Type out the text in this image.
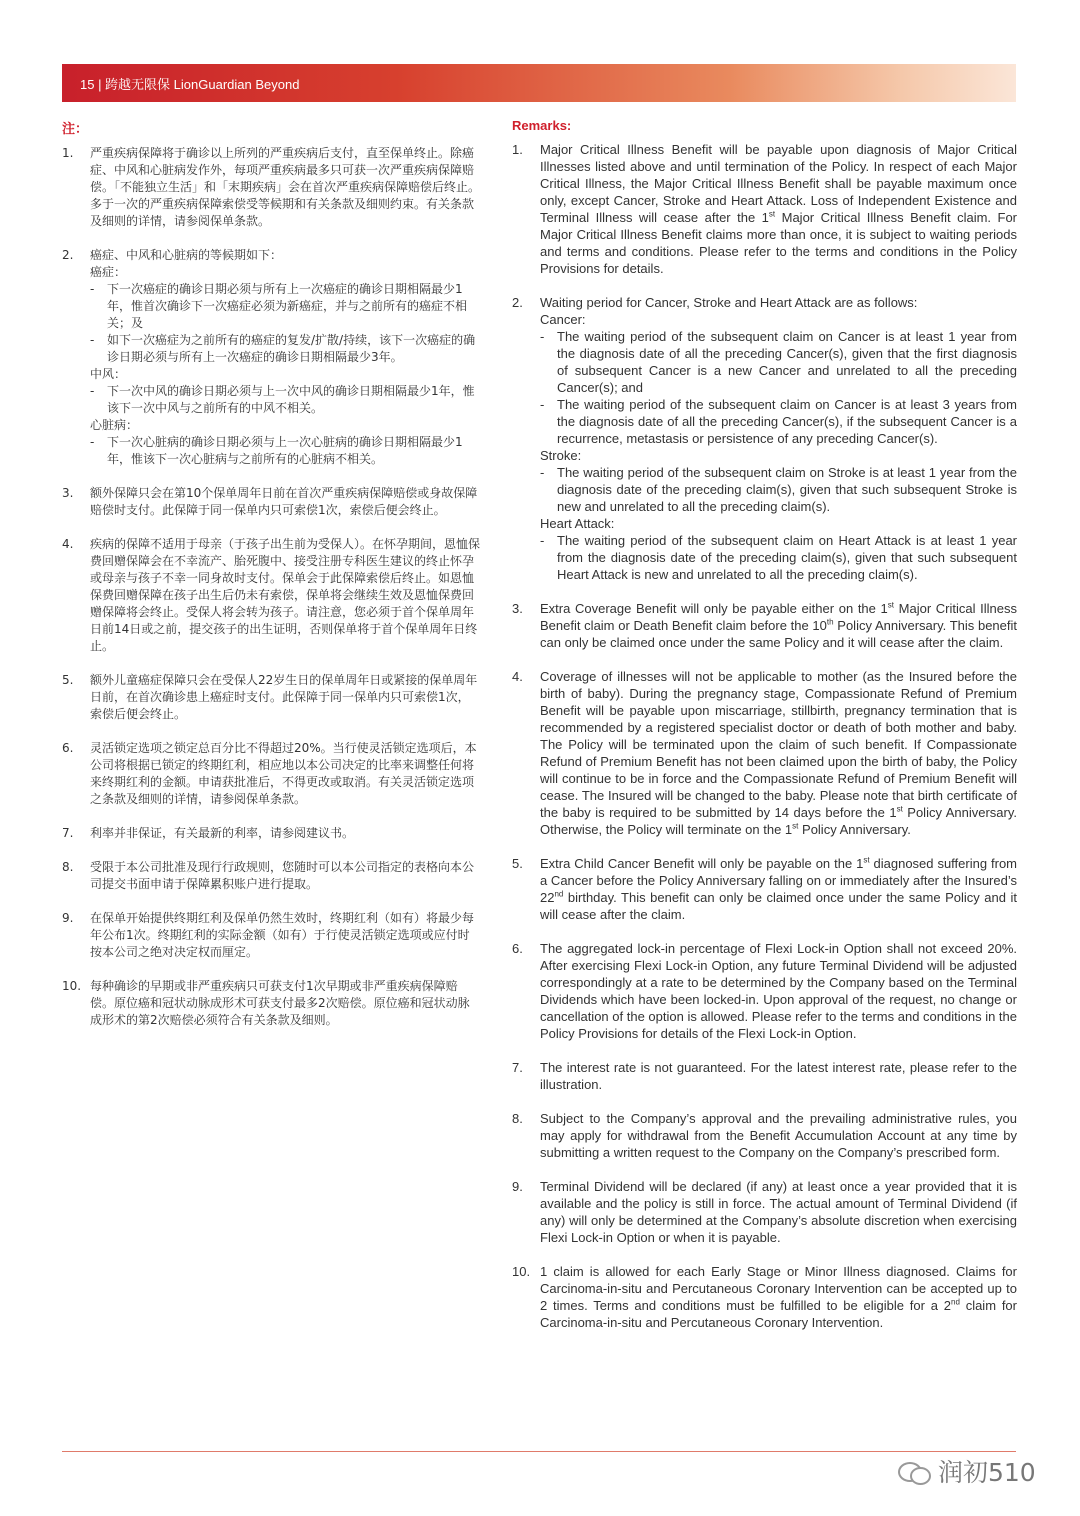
15 | 跨越无限保 LionGuardian Beyond
注：
1. 严重疾病保障将于确诊以上所列的严重疾病后支付，直至保单终止。除癌症、中风和心脏病发作外，每项严重疾病最多只可获一次严重疾病保障赔偿。「不能独立生活」和「末期疾病」会在首次严重疾病保障赔偿后终止。多于一次的严重疾病保障索偿受等候期和有关条款及细则约束。有关条款及细则的详情，请参阅保单条款。
2. 癌症、中风和心脏病的等候期如下：
癌症：
- 下一次癌症的确诊日期必须与所有上一次癌症的确诊日期相隔最少1年，惟首次确诊下一次癌症必须为新癌症，并与之前所有的癌症不相关；及
- 如下一次癌症为之前所有的癌症的复发/扩散/持续，该下一次癌症的确诊日期必须与所有上一次癌症的确诊日期相隔最少3年。
中风：
- 下一次中风的确诊日期必须与上一次中风的确诊日期相隔最少1年，惟该下一次中风与之前所有的中风不相关。
心脏病：
- 下一次心脏病的确诊日期必须与上一次心脏病的确诊日期相隔最少1年，惟该下一次心脏病与之前所有的心脏病不相关。
3. 额外保障只会在第10个保单周年日前在首次严重疾病保障赔偿或身故保障赔偿时支付。此保障于同一保单内只可索偿1次，索偿后便会终止。
4. 疾病的保障不适用于母亲（于孩子出生前为受保人）。在怀孕期间，恩恤保费回赠保障会在不幸流产、胎死腹中、接受注册专科医生建议的终止怀孕或母亲与孩子不幸一同身故时支付。保单会于此保障索偿后终止。如恩恤保费回赠保障在孩子出生后仍未有索偿，保单将会继续生效及恩恤保费回赠保障将会终止。受保人将会转为孩子。请注意，您必须于首个保单周年日前14日或之前，提交孩子的出生证明，否则保单将于首个保单周年日终止。
5. 额外儿童癌症保障只会在受保人22岁生日的保单周年日或紧接的保单周年日前，在首次确诊患上癌症时支付。此保障于同一保单内只可索偿1次，索偿后便会终止。
6. 灵活锁定选项之锁定总百分比不得超过20%。当行使灵活锁定选项后，本公司将根据已锁定的终期红利，相应地以本公司决定的比率来调整任何将来终期红利的金额。申请获批准后，不得更改或取消。有关灵活锁定选项之条款及细则的详情，请参阅保单条款。
7. 利率并非保证，有关最新的利率，请参阅建议书。
8. 受限于本公司批准及现行行政规则，您随时可以本公司指定的表格向本公司提交书面申请于保障累积账户进行提取。
9. 在保单开始提供终期红利及保单仍然生效时，终期红利（如有）将最少每年公布1次。终期红利的实际金额（如有）于行使灵活锁定选项或应付时按本公司之绝对决定权而厘定。
10. 每种确诊的早期或非严重疾病只可获支付1次早期或非严重疾病保障赔偿。原位癌和冠状动脉成形术可获支付最多2次赔偿。原位癌和冠状动脉成形术的第2次赔偿必须符合有关条款及细则。
Remarks:
1. Major Critical Illness Benefit will be payable upon diagnosis of Major Critical Illnesses listed above and until termination of the Policy. In respect of each Major Critical Illness, the Major Critical Illness Benefit shall be payable maximum once only, except Cancer, Stroke and Heart Attack. Loss of Independent Existence and Terminal Illness will cease after the 1st Major Critical Illness Benefit claim. For Major Critical Illness Benefit claims more than once, it is subject to waiting periods and terms and conditions. Please refer to the terms and conditions in the Policy Provisions for details.
2. Waiting period for Cancer, Stroke and Heart Attack are as follows:
Cancer:
- The waiting period of the subsequent claim on Cancer is at least 1 year from the diagnosis date of all the preceding Cancer(s), given that the first diagnosis of subsequent Cancer is a new Cancer and unrelated to all the preceding Cancer(s); and
- The waiting period of the subsequent claim on Cancer is at least 3 years from the diagnosis date of all the preceding Cancer(s), if the subsequent Cancer is a recurrence, metastasis or persistence of any preceding Cancer(s).
Stroke:
- The waiting period of the subsequent claim on Stroke is at least 1 year from the diagnosis date of the preceding claim(s), given that such subsequent Stroke is new and unrelated to all the preceding claim(s).
Heart Attack:
- The waiting period of the subsequent claim on Heart Attack is at least 1 year from the diagnosis date of the preceding claim(s), given that such subsequent Heart Attack is new and unrelated to all the preceding claim(s).
3. Extra Coverage Benefit will only be payable either on the 1st Major Critical Illness Benefit claim or Death Benefit claim before the 10th Policy Anniversary. This benefit can only be claimed once under the same Policy and it will cease after the claim.
4. Coverage of illnesses will not be applicable to mother (as the Insured before the birth of baby). During the pregnancy stage, Compassionate Refund of Premium Benefit will be payable upon miscarriage, stillbirth, pregnancy termination that is recommended by a registered specialist doctor or death of both mother and baby. The Policy will be terminated upon the claim of such benefit. If Compassionate Refund of Premium Benefit has not been claimed upon the birth of baby, the Policy will continue to be in force and the Compassionate Refund of Premium Benefit will cease. The Insured will be changed to the baby. Please note that birth certificate of the baby is required to be submitted by 14 days before the 1st Policy Anniversary. Otherwise, the Policy will terminate on the 1st Policy Anniversary.
5. Extra Child Cancer Benefit will only be payable on the 1st diagnosed suffering from a Cancer before the Policy Anniversary falling on or immediately after the Insured’s 22nd birthday. This benefit can only be claimed once under the same Policy and it will cease after the claim.
6. The aggregated lock-in percentage of Flexi Lock-in Option shall not exceed 20%. After exercising Flexi Lock-in Option, any future Terminal Dividend will be adjusted correspondingly at a rate to be determined by the Company based on the Terminal Dividends which have been locked-in. Upon approval of the request, no change or cancellation of the option is allowed. Please refer to the terms and conditions in the Policy Provisions for details of the Flexi Lock-in Option.
7. The interest rate is not guaranteed. For the latest interest rate, please refer to the illustration.
8. Subject to the Company’s approval and the prevailing administrative rules, you may apply for withdrawal from the Benefit Accumulation Account at any time by submitting a written request to the Company on the Company’s prescribed form.
9. Terminal Dividend will be declared (if any) at least once a year provided that it is available and the policy is still in force. The actual amount of Terminal Dividend (if any) will only be determined at the Company’s absolute discretion when exercising Flexi Lock-in Option or when it is payable.
10. 1 claim is allowed for each Early Stage or Minor Illness diagnosed. Claims for Carcinoma-in-situ and Percutaneous Coronary Intervention can be accepted up to 2 times. Terms and conditions must be fulfilled to be eligible for a 2nd claim for Carcinoma-in-situ and Percutaneous Coronary Intervention.
润初510
